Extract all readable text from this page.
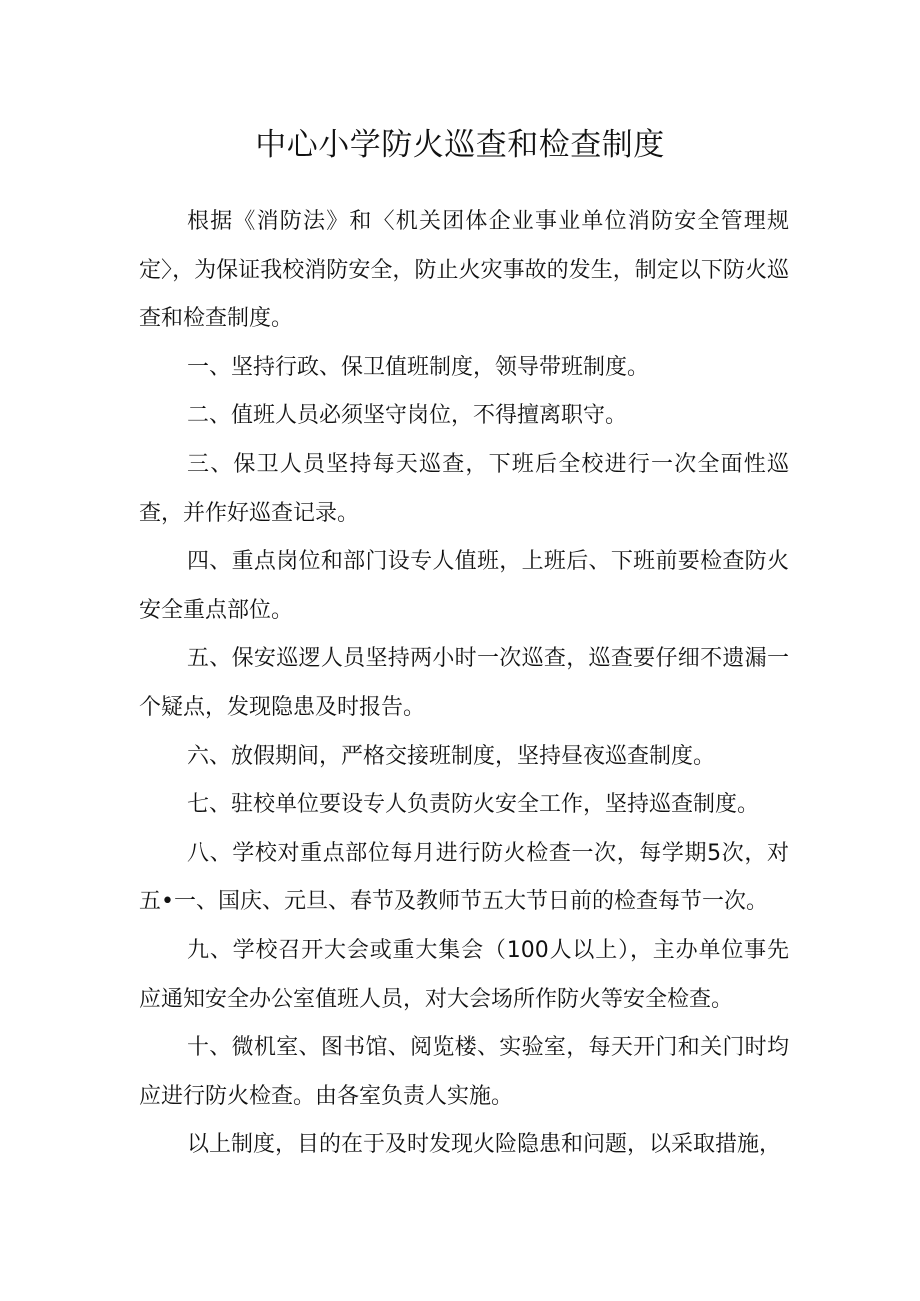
中心小学防火巡查和检查制度

根据《消防法》和〈机关团体企业事业单位消防安全管理规定〉，为保证我校消防安全，防止火灾事故的发生，制定以下防火巡查和检查制度。

一、坚持行政、保卫值班制度，领导带班制度。

二、值班人员必须坚守岗位，不得擅离职守。

三、保卫人员坚持每天巡查，下班后全校进行一次全面性巡查，并作好巡查记录。

四、重点岗位和部门设专人值班，上班后、下班前要检查防火安全重点部位。

五、保安巡逻人员坚持两小时一次巡查，巡查要仔细不遗漏一个疑点，发现隐患及时报告。

六、放假期间，严格交接班制度，坚持昼夜巡查制度。

七、驻校单位要设专人负责防火安全工作，坚持巡查制度。

八、学校对重点部位每月进行防火检查一次，每学期5次，对五•一、国庆、元旦、春节及教师节五大节日前的检查每节一次。

九、学校召开大会或重大集会（100人以上），主办单位事先应通知安全办公室值班人员，对大会场所作防火等安全检查。

十、微机室、图书馆、阅览楼、实验室，每天开门和关门时均应进行防火检查。由各室负责人实施。

以上制度，目的在于及时发现火险隐患和问题，以采取措施，
